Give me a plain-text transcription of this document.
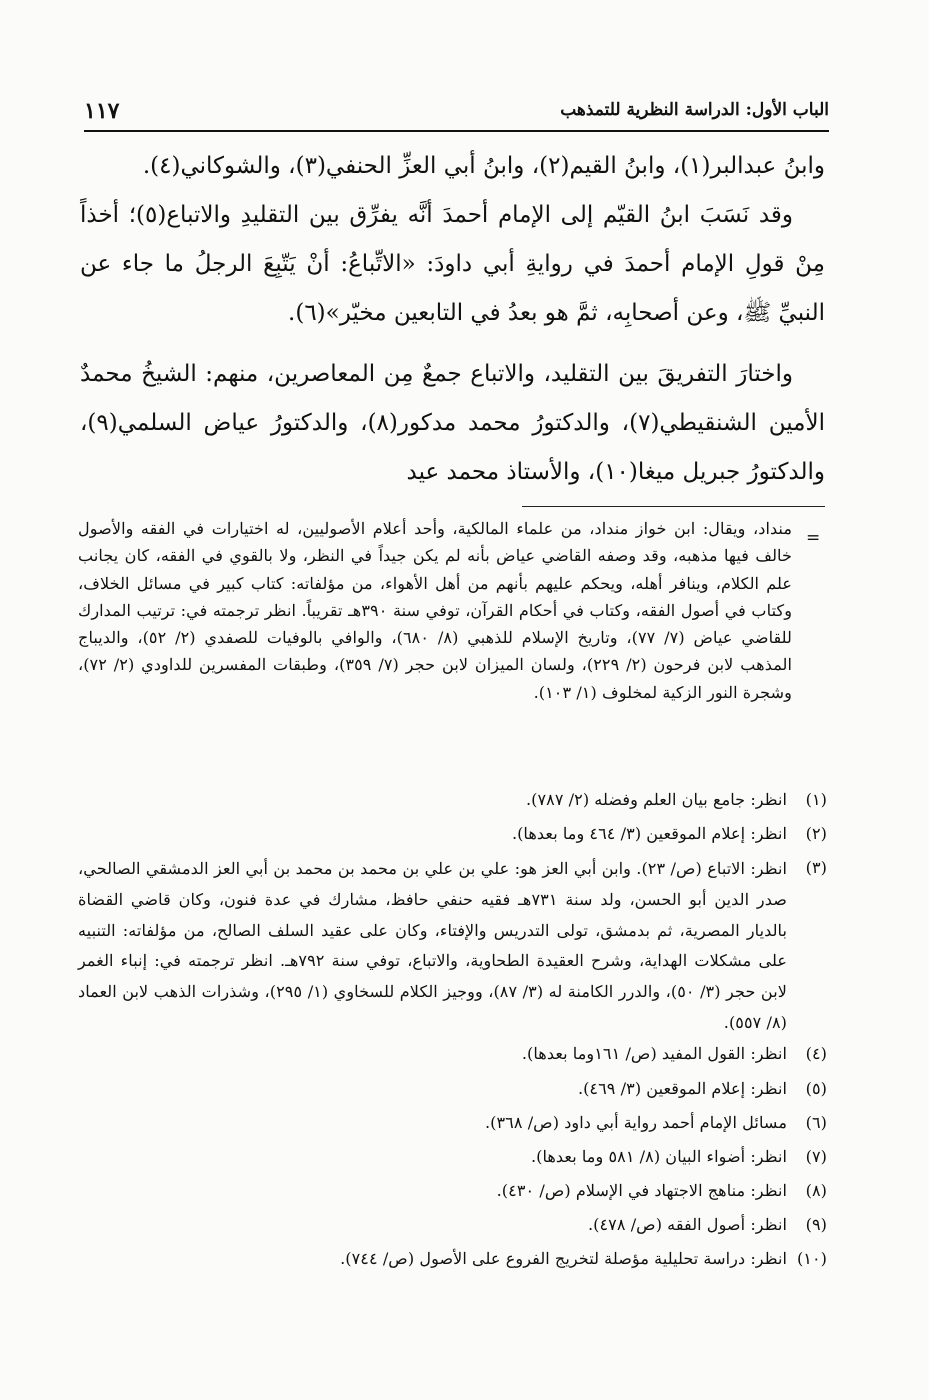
١١٧	الباب الأول: الدراسة النظرية للتمذهب

وابنُ عبدالبر(١)، وابنُ القيم(٢)، وابنُ أبي العزِّ الحنفي(٣)، والشوكاني(٤).

وقد نَسَبَ ابنُ القيّم إلى الإمام أحمدَ أنَّه يفرِّق بين التقليدِ والاتباع(٥)؛ أخذاً مِنْ قولِ الإمام أحمدَ في روايةِ أبي داودَ: «الاتِّباعُ: أنْ يَتّبِعَ الرجلُ ما جاء عن النبيِّ ﷺ، وعن أصحابِه، ثمَّ هو بعدُ في التابعين مخيّر»(٦).

واختارَ التفريقَ بين التقليد، والاتباع جمعٌ مِن المعاصرين، منهم: الشيخُ محمدٌ الأمين الشنقيطي(٧)، والدكتورُ محمد مدكور(٨)، والدكتورُ عياض السلمي(٩)، والدكتورُ جبريل ميغا(١٠)، والأستاذ محمد عيد

=
منداد، ويقال: ابن خواز منداد، من علماء المالكية، وأحد أعلام الأصوليين، له اختيارات في الفقه والأصول خالف فيها مذهبه، وقد وصفه القاضي عياض بأنه لم يكن جيداً في النظر، ولا بالقوي في الفقه، كان يجانب علم الكلام، وينافر أهله، ويحكم عليهم بأنهم من أهل الأهواء، من مؤلفاته: كتاب كبير في مسائل الخلاف، وكتاب في أصول الفقه، وكتاب في أحكام القرآن، توفي سنة ٣٩٠هـ تقريباً. انظر ترجمته في: ترتيب المدارك للقاضي عياض (٧/ ٧٧)، وتاريخ الإسلام للذهبي (٨/ ٦٨٠)، والوافي بالوفيات للصفدي (٢/ ٥٢)، والديباج المذهب لابن فرحون (٢/ ٢٢٩)، ولسان الميزان لابن حجر (٧/ ٣٥٩)، وطبقات المفسرين للداودي (٢/ ٧٢)، وشجرة النور الزكية لمخلوف (١/ ١٠٣).
(١)
انظر: جامع بيان العلم وفضله (٢/ ٧٨٧).
(٢)
انظر: إعلام الموقعين (٣/ ٤٦٤ وما بعدها).
(٣)
انظر: الاتباع (ص/ ٢٣). وابن أبي العز هو: علي بن علي بن محمد بن محمد بن أبي العز الدمشقي الصالحي، صدر الدين أبو الحسن، ولد سنة ٧٣١هـ فقيه حنفي حافظ، مشارك في عدة فنون، وكان قاضي القضاة بالديار المصرية، ثم بدمشق، تولى التدريس والإفتاء، وكان على عقيد السلف الصالح، من مؤلفاته: التنبيه على مشكلات الهداية، وشرح العقيدة الطحاوية، والاتباع، توفي سنة ٧٩٢هـ. انظر ترجمته في: إنباء الغمر لابن حجر (٣/ ٥٠)، والدرر الكامنة له (٣/ ٨٧)، ووجيز الكلام للسخاوي (١/ ٢٩٥)، وشذرات الذهب لابن العماد (٨/ ٥٥٧).
(٤)
انظر: القول المفيد (ص/ ١٦١وما بعدها).
(٥)
انظر: إعلام الموقعين (٣/ ٤٦٩).
(٦)
مسائل الإمام أحمد رواية أبي داود (ص/ ٣٦٨).
(٧)
انظر: أضواء البيان (٨/ ٥٨١ وما بعدها).
(٨)
انظر: مناهج الاجتهاد في الإسلام (ص/ ٤٣٠).
(٩)
انظر: أصول الفقه (ص/ ٤٧٨).
(١٠)
انظر: دراسة تحليلية مؤصلة لتخريج الفروع على الأصول (ص/ ٧٤٤).
